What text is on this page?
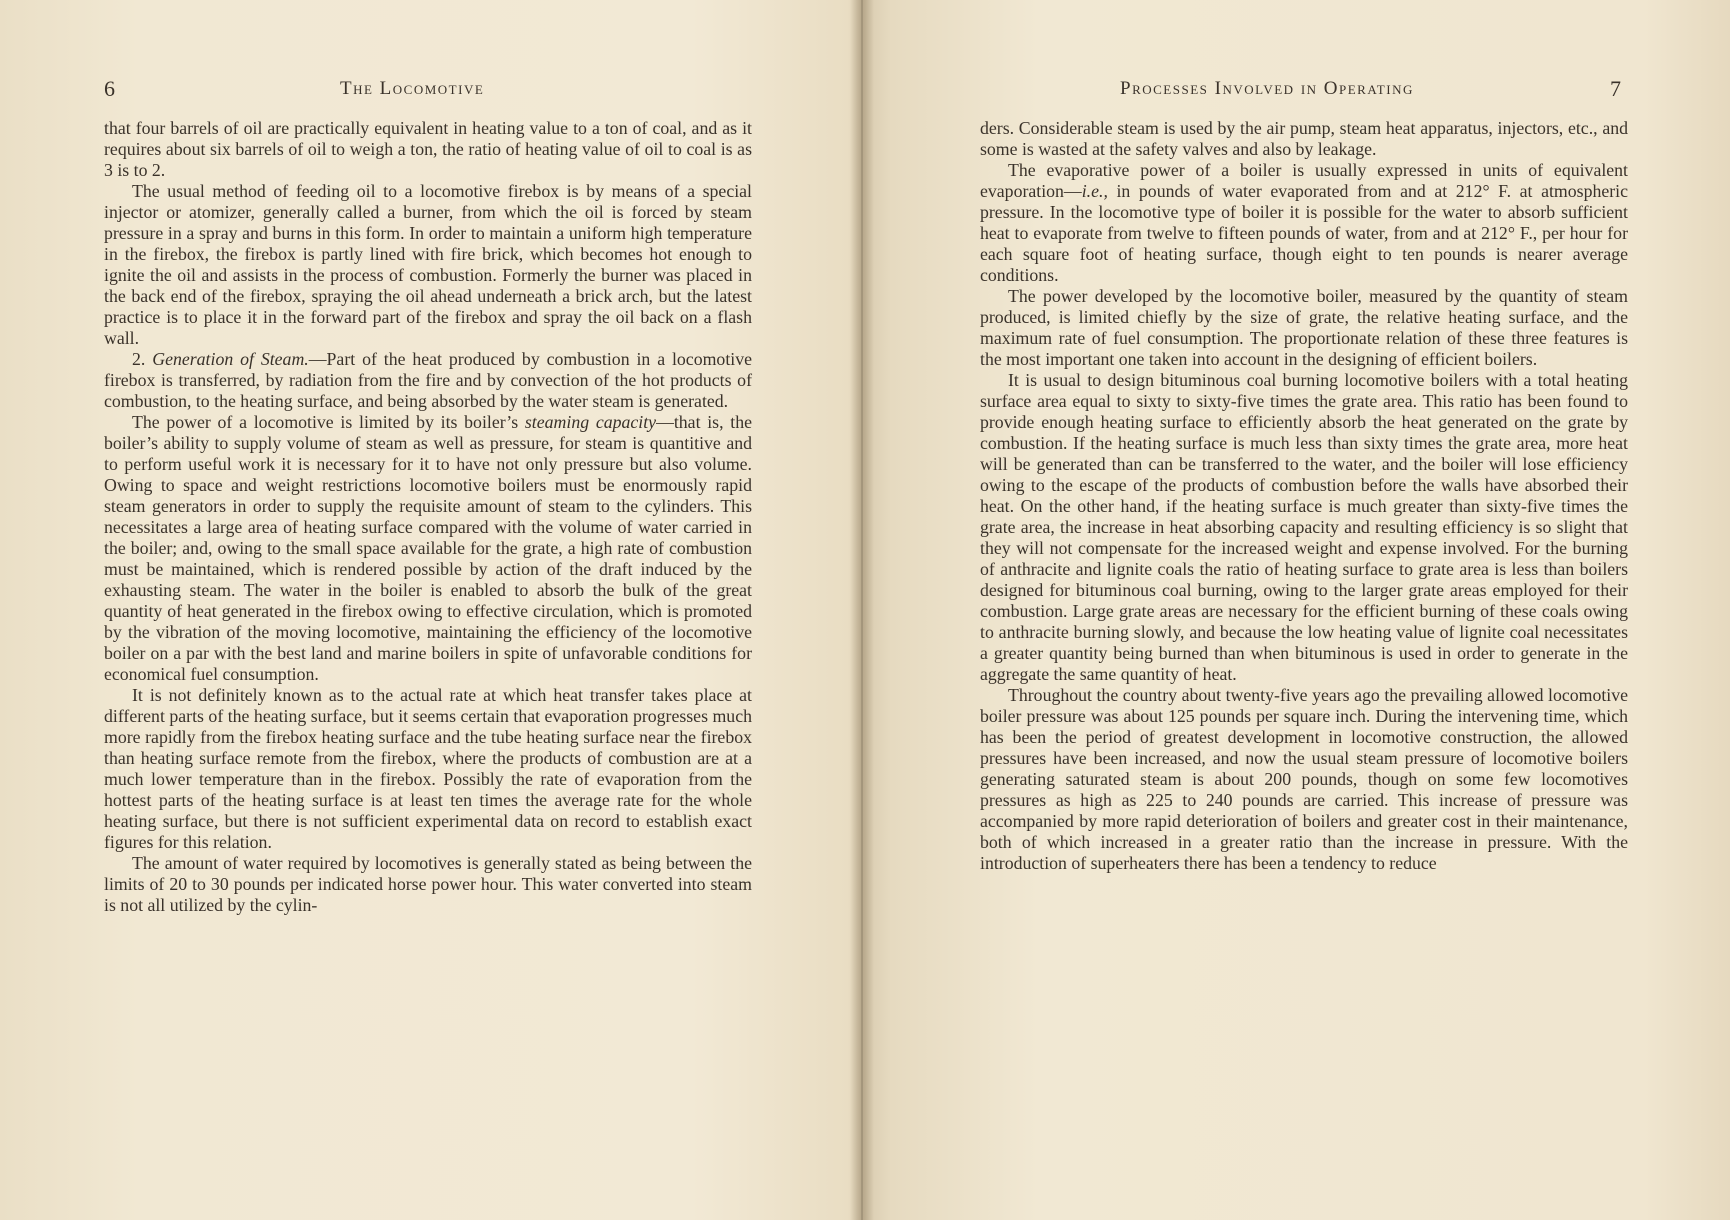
6	The Locomotive

that four barrels of oil are practically equivalent in heating value to a ton of coal, and as it requires about six barrels of oil to weigh a ton, the ratio of heating value of oil to coal is as 3 is to 2.

The usual method of feeding oil to a locomotive firebox is by means of a special injector or atomizer, generally called a burner, from which the oil is forced by steam pressure in a spray and burns in this form. In order to maintain a uniform high temperature in the firebox, the firebox is partly lined with fire brick, which becomes hot enough to ignite the oil and assists in the process of combustion. Formerly the burner was placed in the back end of the firebox, spraying the oil ahead underneath a brick arch, but the latest practice is to place it in the forward part of the firebox and spray the oil back on a flash wall.

2. Generation of Steam.—Part of the heat produced by combustion in a locomotive firebox is transferred, by radiation from the fire and by convection of the hot products of combustion, to the heating surface, and being absorbed by the water steam is generated.

The power of a locomotive is limited by its boiler’s steaming capacity—that is, the boiler’s ability to supply volume of steam as well as pressure, for steam is quantitive and to perform useful work it is necessary for it to have not only pressure but also volume. Owing to space and weight restrictions locomotive boilers must be enormously rapid steam generators in order to supply the requisite amount of steam to the cylinders. This necessitates a large area of heating surface compared with the volume of water carried in the boiler; and, owing to the small space available for the grate, a high rate of combustion must be maintained, which is rendered possible by action of the draft induced by the exhausting steam. The water in the boiler is enabled to absorb the bulk of the great quantity of heat generated in the firebox owing to effective circulation, which is promoted by the vibration of the moving locomotive, maintaining the efficiency of the locomotive boiler on a par with the best land and marine boilers in spite of unfavorable conditions for economical fuel consumption.

It is not definitely known as to the actual rate at which heat transfer takes place at different parts of the heating surface, but it seems certain that evaporation progresses much more rapidly from the firebox heating surface and the tube heating surface near the firebox than heating surface remote from the firebox, where the products of combustion are at a much lower temperature than in the firebox. Possibly the rate of evaporation from the hottest parts of the heating surface is at least ten times the average rate for the whole heating surface, but there is not sufficient experimental data on record to establish exact figures for this relation.

The amount of water required by locomotives is generally stated as being between the limits of 20 to 30 pounds per indicated horse power hour. This water converted into steam is not all utilized by the cylin-

Processes Involved in Operating	7

ders. Considerable steam is used by the air pump, steam heat apparatus, injectors, etc., and some is wasted at the safety valves and also by leakage.

The evaporative power of a boiler is usually expressed in units of equivalent evaporation—i.e., in pounds of water evaporated from and at 212° F. at atmospheric pressure. In the locomotive type of boiler it is possible for the water to absorb sufficient heat to evaporate from twelve to fifteen pounds of water, from and at 212° F., per hour for each square foot of heating surface, though eight to ten pounds is nearer average conditions.

The power developed by the locomotive boiler, measured by the quantity of steam produced, is limited chiefly by the size of grate, the relative heating surface, and the maximum rate of fuel consumption. The proportionate relation of these three features is the most important one taken into account in the designing of efficient boilers.

It is usual to design bituminous coal burning locomotive boilers with a total heating surface area equal to sixty to sixty-five times the grate area. This ratio has been found to provide enough heating surface to efficiently absorb the heat generated on the grate by combustion. If the heating surface is much less than sixty times the grate area, more heat will be generated than can be transferred to the water, and the boiler will lose efficiency owing to the escape of the products of combustion before the walls have absorbed their heat. On the other hand, if the heating surface is much greater than sixty-five times the grate area, the increase in heat absorbing capacity and resulting efficiency is so slight that they will not compensate for the increased weight and expense involved. For the burning of anthracite and lignite coals the ratio of heating surface to grate area is less than boilers designed for bituminous coal burning, owing to the larger grate areas employed for their combustion. Large grate areas are necessary for the efficient burning of these coals owing to anthracite burning slowly, and because the low heating value of lignite coal necessitates a greater quantity being burned than when bituminous is used in order to generate in the aggregate the same quantity of heat.

Throughout the country about twenty-five years ago the prevailing allowed locomotive boiler pressure was about 125 pounds per square inch. During the intervening time, which has been the period of greatest development in locomotive construction, the allowed pressures have been increased, and now the usual steam pressure of locomotive boilers generating saturated steam is about 200 pounds, though on some few locomotives pressures as high as 225 to 240 pounds are carried. This increase of pressure was accompanied by more rapid deterioration of boilers and greater cost in their maintenance, both of which increased in a greater ratio than the increase in pressure. With the introduction of superheaters there has been a tendency to reduce
